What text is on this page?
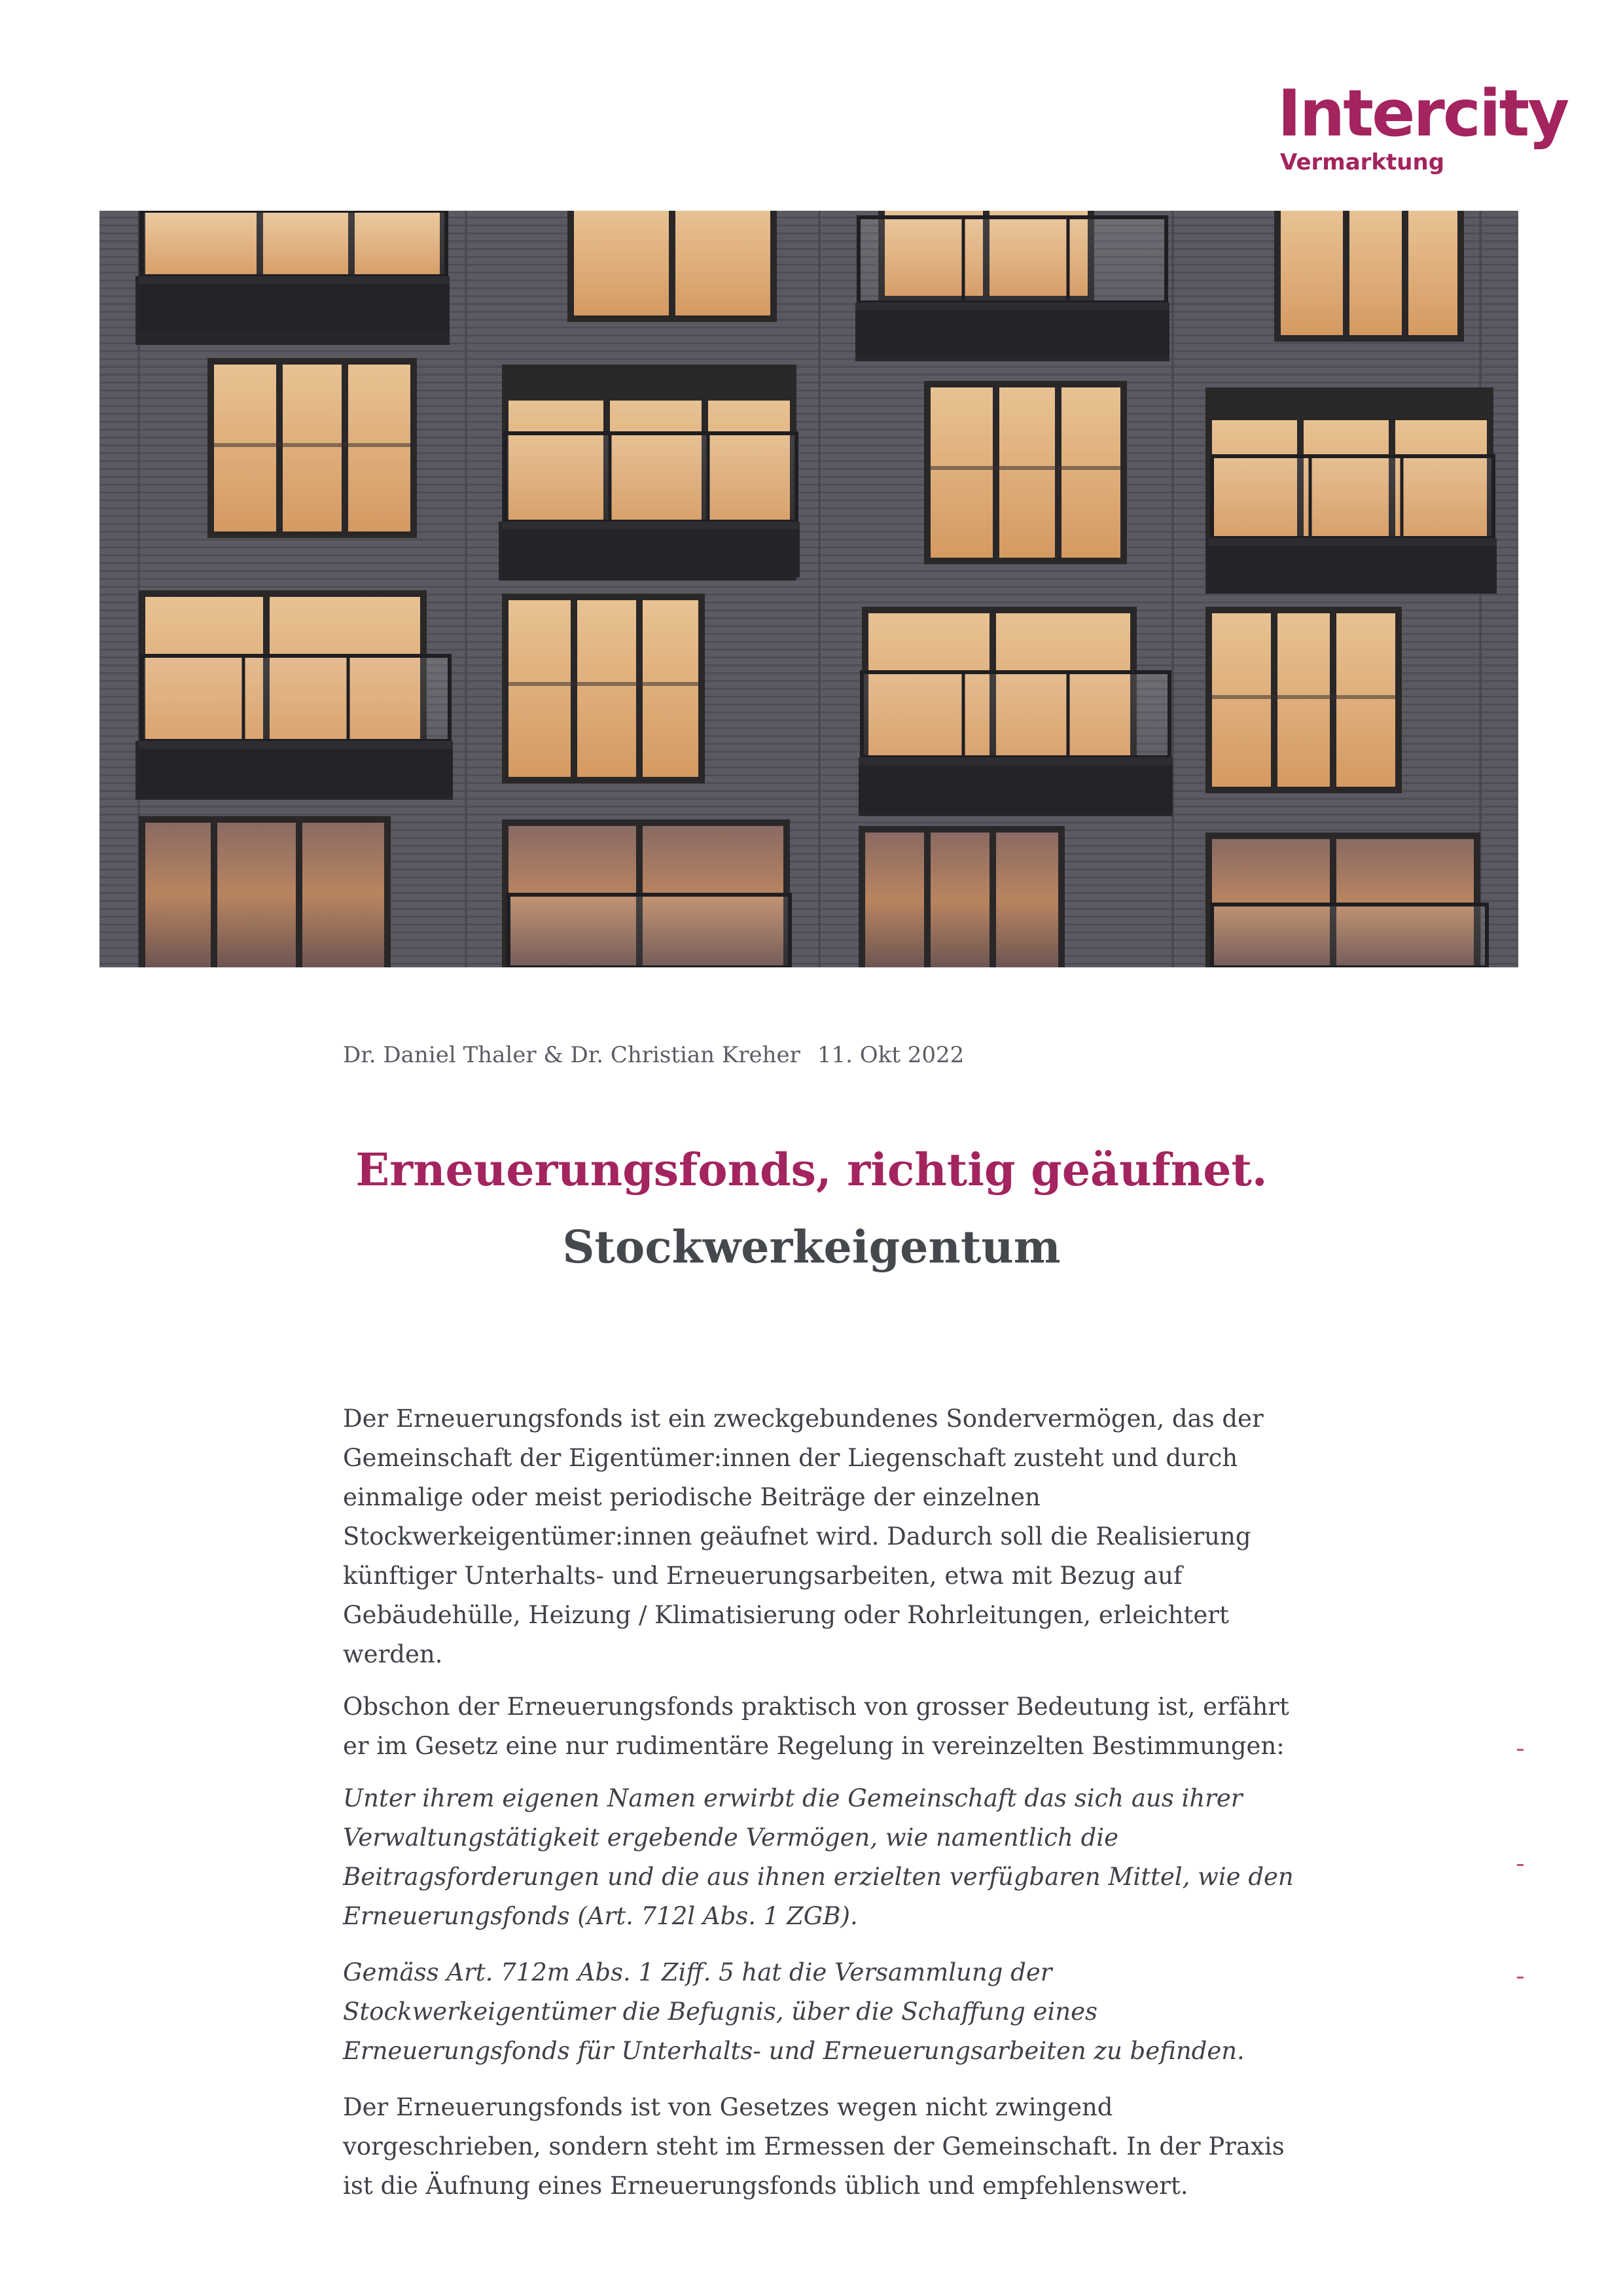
Intercity
Vermarktung
Dr. Daniel Thaler & Dr. Christian Kreher 11. Okt 2022
Erneuerungsfonds, richtig geäufnet.
Stockwerkeigentum

Der Erneuerungsfonds ist ein zweckgebundenes Sondervermögen, das der Gemeinschaft der Eigentümer:innen der Liegenschaft zusteht und durch einmalige oder meist periodische Beiträge der einzelnen Stockwerkeigentümer:innen geäufnet wird. Dadurch soll die Realisierung künftiger Unterhalts- und Erneuerungsarbeiten, etwa mit Bezug auf Gebäudehülle, Heizung / Klimatisierung oder Rohrleitungen, erleichtert werden.

Obschon der Erneuerungsfonds praktisch von grosser Bedeutung ist, erfährt er im Gesetz eine nur rudimentäre Regelung in vereinzelten Bestimmungen:

Unter ihrem eigenen Namen erwirbt die Gemeinschaft das sich aus ihrer Verwaltungstätigkeit ergebende Vermögen, wie namentlich die Beitragsforderungen und die aus ihnen erzielten verfügbaren Mittel, wie den Erneuerungsfonds (Art. 712l Abs. 1 ZGB).

Gemäss Art. 712m Abs. 1 Ziff. 5 hat die Versammlung der Stockwerkeigentümer die Befugnis, über die Schaffung eines Erneuerungsfonds für Unterhalts- und Erneuerungsarbeiten zu befinden.

Der Erneuerungsfonds ist von Gesetzes wegen nicht zwingend vorgeschrieben, sondern steht im Ermessen der Gemeinschaft. In der Praxis ist die Äufnung eines Erneuerungsfonds üblich und empfehlenswert.
